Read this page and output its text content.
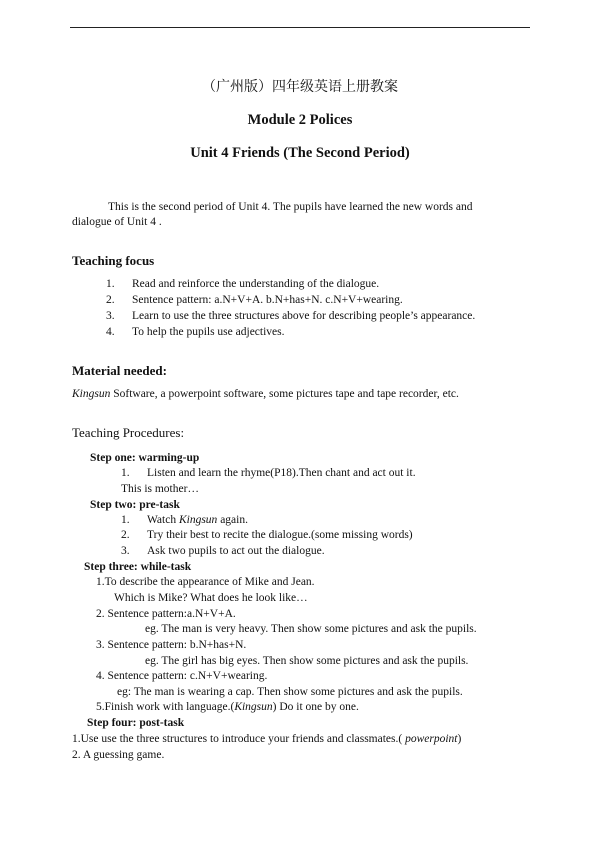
（广州版）四年级英语上册教案
Module 2 Polices
Unit 4 Friends (The Second Period)
This is the second period of Unit 4. The pupils have learned the new words and
dialogue of Unit 4 .
Teaching focus
1. Read and reinforce the understanding of the dialogue.
2. Sentence pattern: a.N+V+A. b.N+has+N. c.N+V+wearing.
3. Learn to use the three structures above for describing people’s appearance.
4. To help the pupils use adjectives.
Material needed:
Kingsun Software, a powerpoint software, some pictures tape and tape recorder, etc.
Teaching Procedures:
Step one: warming-up
1. Listen and learn the rhyme(P18).Then chant and act out it.
This is mother…
Step two: pre-task
1. Watch Kingsun again.
2. Try their best to recite the dialogue.(some missing words)
3. Ask two pupils to act out the dialogue.
Step three: while-task
1.To describe the appearance of Mike and Jean.
Which is Mike? What does he look like…
2. Sentence pattern:a.N+V+A.
eg. The man is very heavy. Then show some pictures and ask the pupils.
3. Sentence pattern: b.N+has+N.
eg. The girl has big eyes. Then show some pictures and ask the pupils.
4. Sentence pattern: c.N+V+wearing.
eg: The man is wearing a cap. Then show some pictures and ask the pupils.
5.Finish work with language.(Kingsun) Do it one by one.
Step four: post-task
1.Use use the three structures to introduce your friends and classmates.( powerpoint)
2. A guessing game.
